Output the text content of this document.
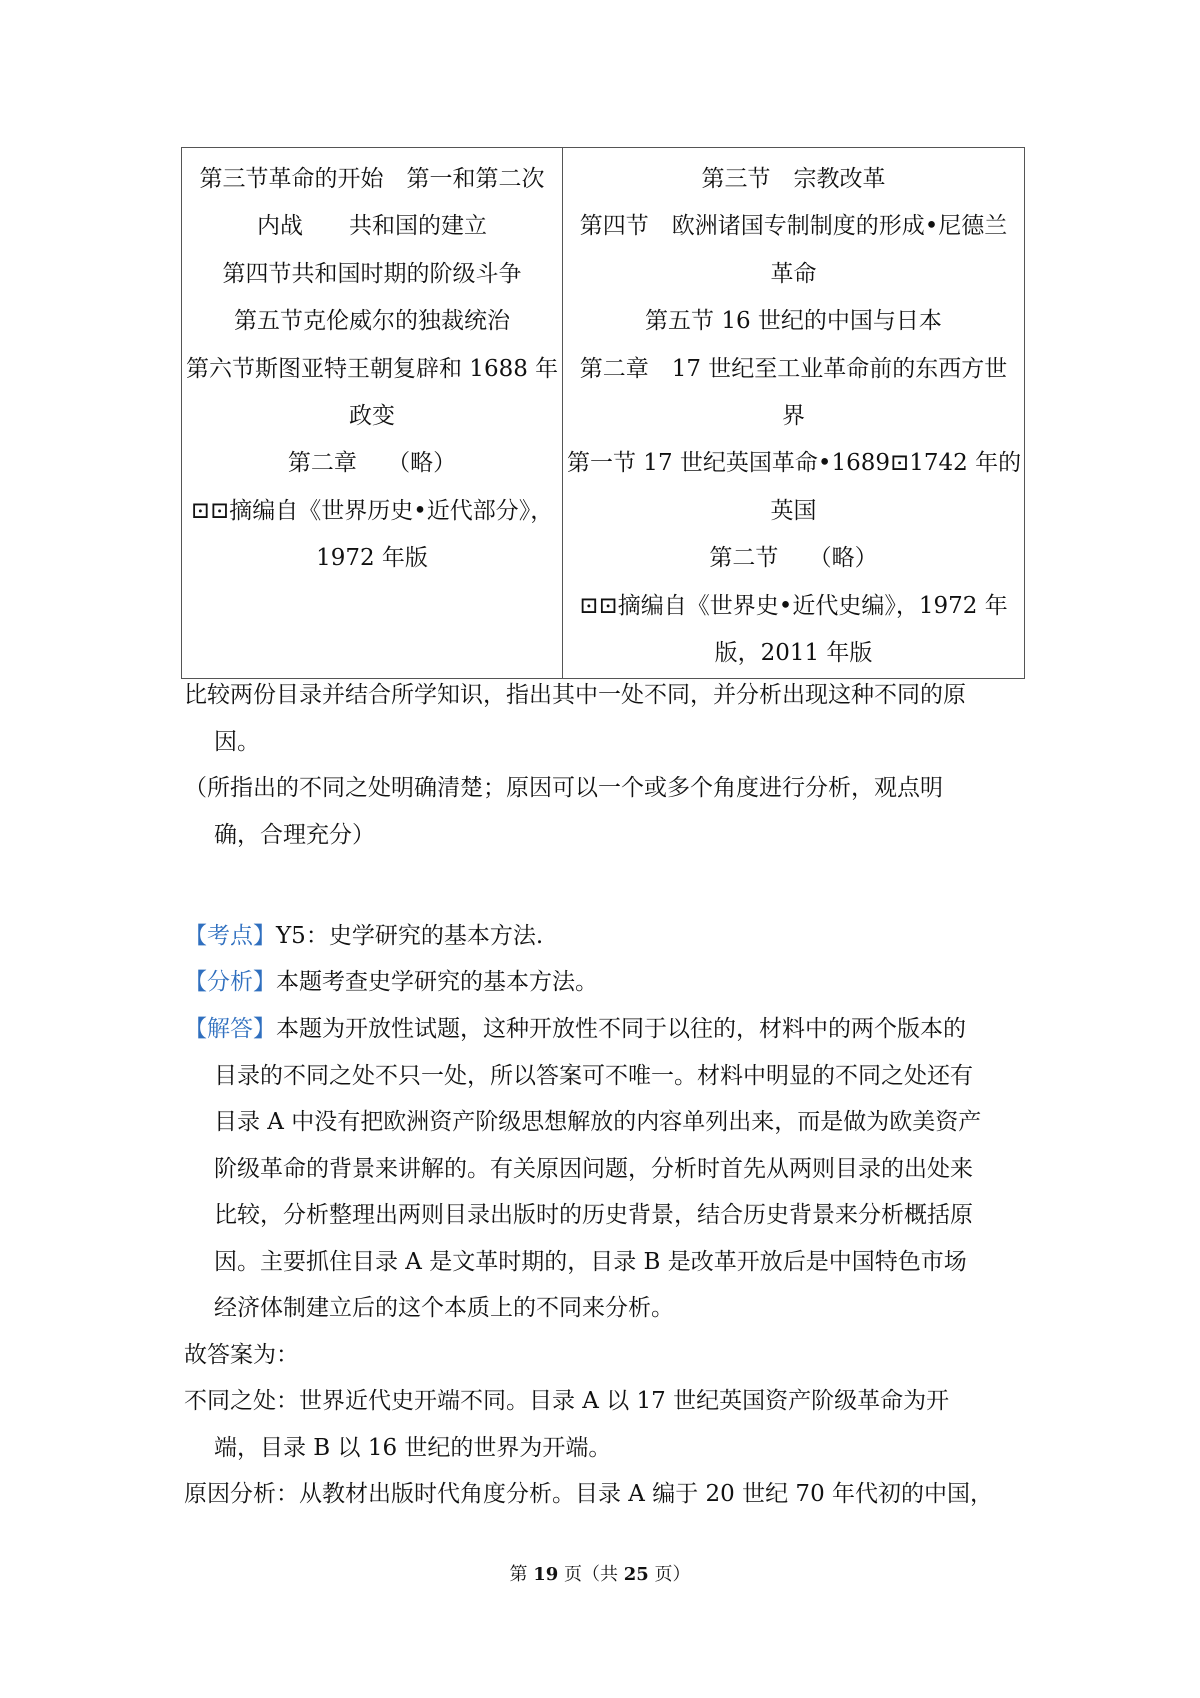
第三节革命的开始　第一和第二次
内战　　共和国的建立
第四节共和国时期的阶级斗争
第五节克伦威尔的独裁统治
第六节斯图亚特王朝复辟和 1688 年
政变
第二章　 （略）
⊡⊡摘编自《世界历史•近代部分》，
1972 年版

第三节　宗教改革
第四节　欧洲诸国专制制度的形成•尼德兰
革命
第五节 16 世纪的中国与日本
第二章　17 世纪至工业革命前的东西方世
界
第一节 17 世纪英国革命•1689⊡1742 年的
英国
第二节　 （略）
⊡⊡摘编自《世界史•近代史编》，1972 年
版，2011 年版

比较两份目录并结合所学知识，指出其中一处不同，并分析出现这种不同的原
因。

（所指出的不同之处明确清楚；原因可以一个或多个角度进行分析，观点明
确，合理充分）

【考点】Y5：史学研究的基本方法.

【分析】本题考查史学研究的基本方法。

【解答】本题为开放性试题，这种开放性不同于以往的，材料中的两个版本的
目录的不同之处不只一处，所以答案可不唯一。材料中明显的不同之处还有
目录 A 中没有把欧洲资产阶级思想解放的内容单列出来，而是做为欧美资产
阶级革命的背景来讲解的。有关原因问题，分析时首先从两则目录的出处来
比较，分析整理出两则目录出版时的历史背景，结合历史背景来分析概括原
因。主要抓住目录 A 是文革时期的，目录 B 是改革开放后是中国特色市场
经济体制建立后的这个本质上的不同来分析。

故答案为：

不同之处：世界近代史开端不同。目录 A 以 17 世纪英国资产阶级革命为开
端，目录 B 以 16 世纪的世界为开端。

原因分析：从教材出版时代角度分析。目录 A 编于 20 世纪 70 年代初的中国，

第 19 页（共 25 页）
